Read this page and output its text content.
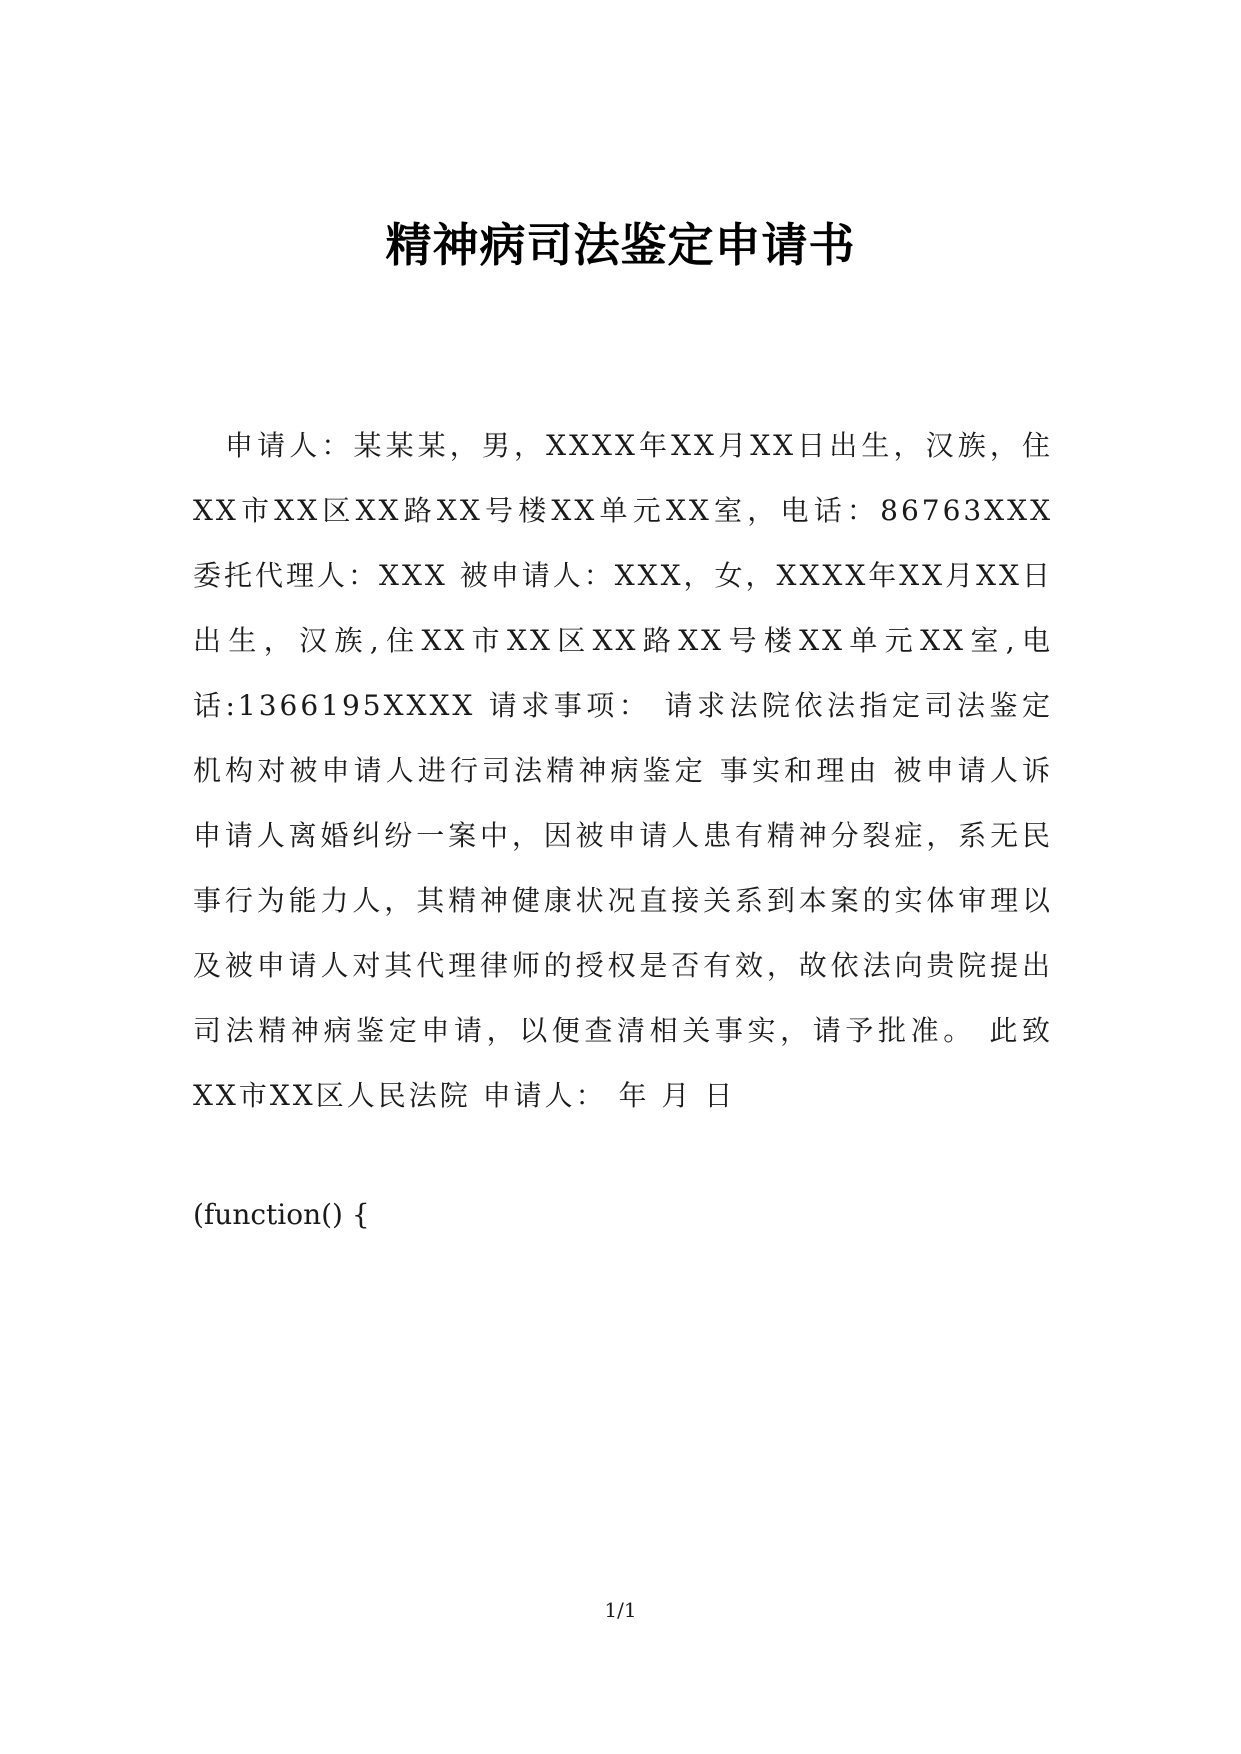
精神病司法鉴定申请书
申请人：某某某，男，XXXX年XX月XX日出生，汉族，住XX市XX区XX路XX号楼XX单元XX室，电话：86763XXX 委托代理人：XXX 被申请人：XXX，女，XXXX年XX月XX日出生，汉族,住XX市XX区XX路XX号楼XX单元XX室,电话:1366195XXXX 请求事项： 请求法院依法指定司法鉴定机构对被申请人进行司法精神病鉴定 事实和理由 被申请人诉申请人离婚纠纷一案中，因被申请人患有精神分裂症，系无民事行为能力人，其精神健康状况直接关系到本案的实体审理以及被申请人对其代理律师的授权是否有效，故依法向贵院提出司法精神病鉴定申请，以便查清相关事实，请予批准。 此致 XX市XX区人民法院 申请人： 年 月 日
(function() {
1/1
